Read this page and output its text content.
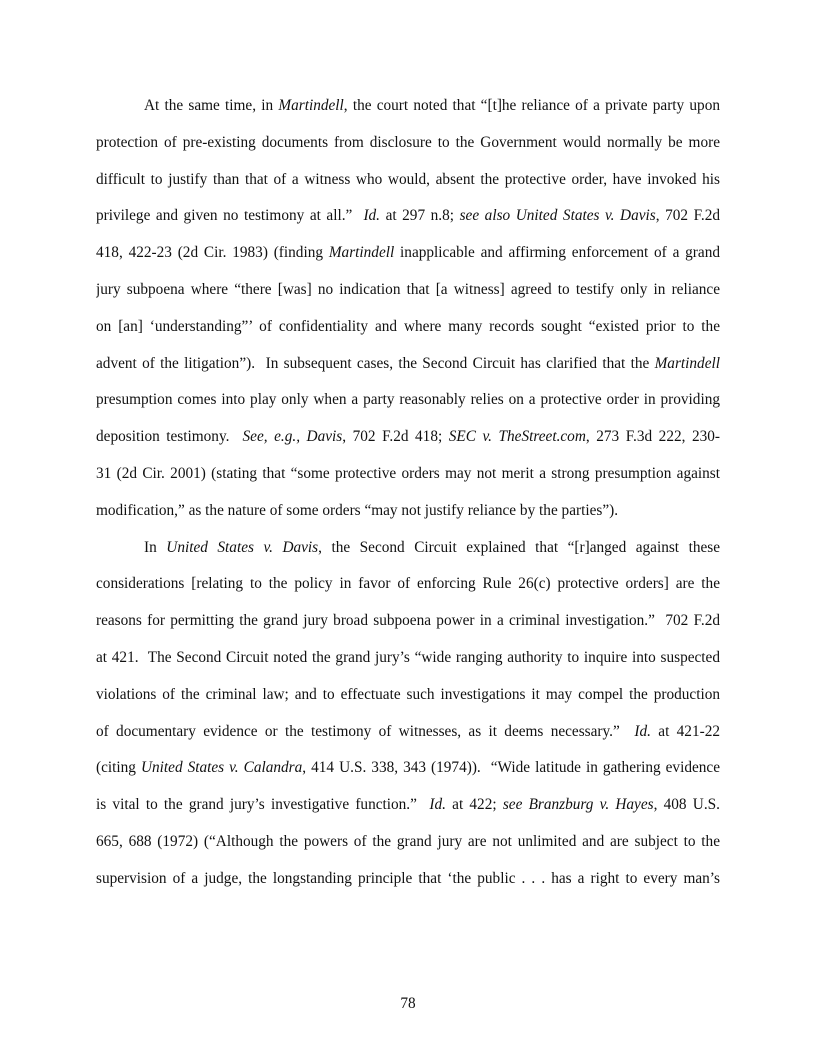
At the same time, in Martindell, the court noted that “[t]he reliance of a private party upon
protection of pre-existing documents from disclosure to the Government would normally be more
difficult to justify than that of a witness who would, absent the protective order, have invoked his
privilege and given no testimony at all.”  Id. at 297 n.8; see also United States v. Davis, 702 F.2d
418, 422-23 (2d Cir. 1983) (finding Martindell inapplicable and affirming enforcement of a grand
jury subpoena where “there [was] no indication that [a witness] agreed to testify only in reliance
on [an] ‘understanding”’ of confidentiality and where many records sought “existed prior to the
advent of the litigation”).  In subsequent cases, the Second Circuit has clarified that the Martindell
presumption comes into play only when a party reasonably relies on a protective order in providing
deposition testimony.  See, e.g., Davis, 702 F.2d 418; SEC v. TheStreet.com, 273 F.3d 222, 230-
31 (2d Cir. 2001) (stating that “some protective orders may not merit a strong presumption against
modification,” as the nature of some orders “may not justify reliance by the parties”).
In United States v. Davis, the Second Circuit explained that “[r]anged against these
considerations [relating to the policy in favor of enforcing Rule 26(c) protective orders] are the
reasons for permitting the grand jury broad subpoena power in a criminal investigation.”  702 F.2d
at 421.  The Second Circuit noted the grand jury’s “wide ranging authority to inquire into suspected
violations of the criminal law; and to effectuate such investigations it may compel the production
of documentary evidence or the testimony of witnesses, as it deems necessary.”  Id. at 421-22
(citing United States v. Calandra, 414 U.S. 338, 343 (1974)).  “Wide latitude in gathering evidence
is vital to the grand jury’s investigative function.”  Id. at 422; see Branzburg v. Hayes, 408 U.S.
665, 688 (1972) (“Although the powers of the grand jury are not unlimited and are subject to the
supervision of a judge, the longstanding principle that ‘the public . . . has a right to every man’s
78
